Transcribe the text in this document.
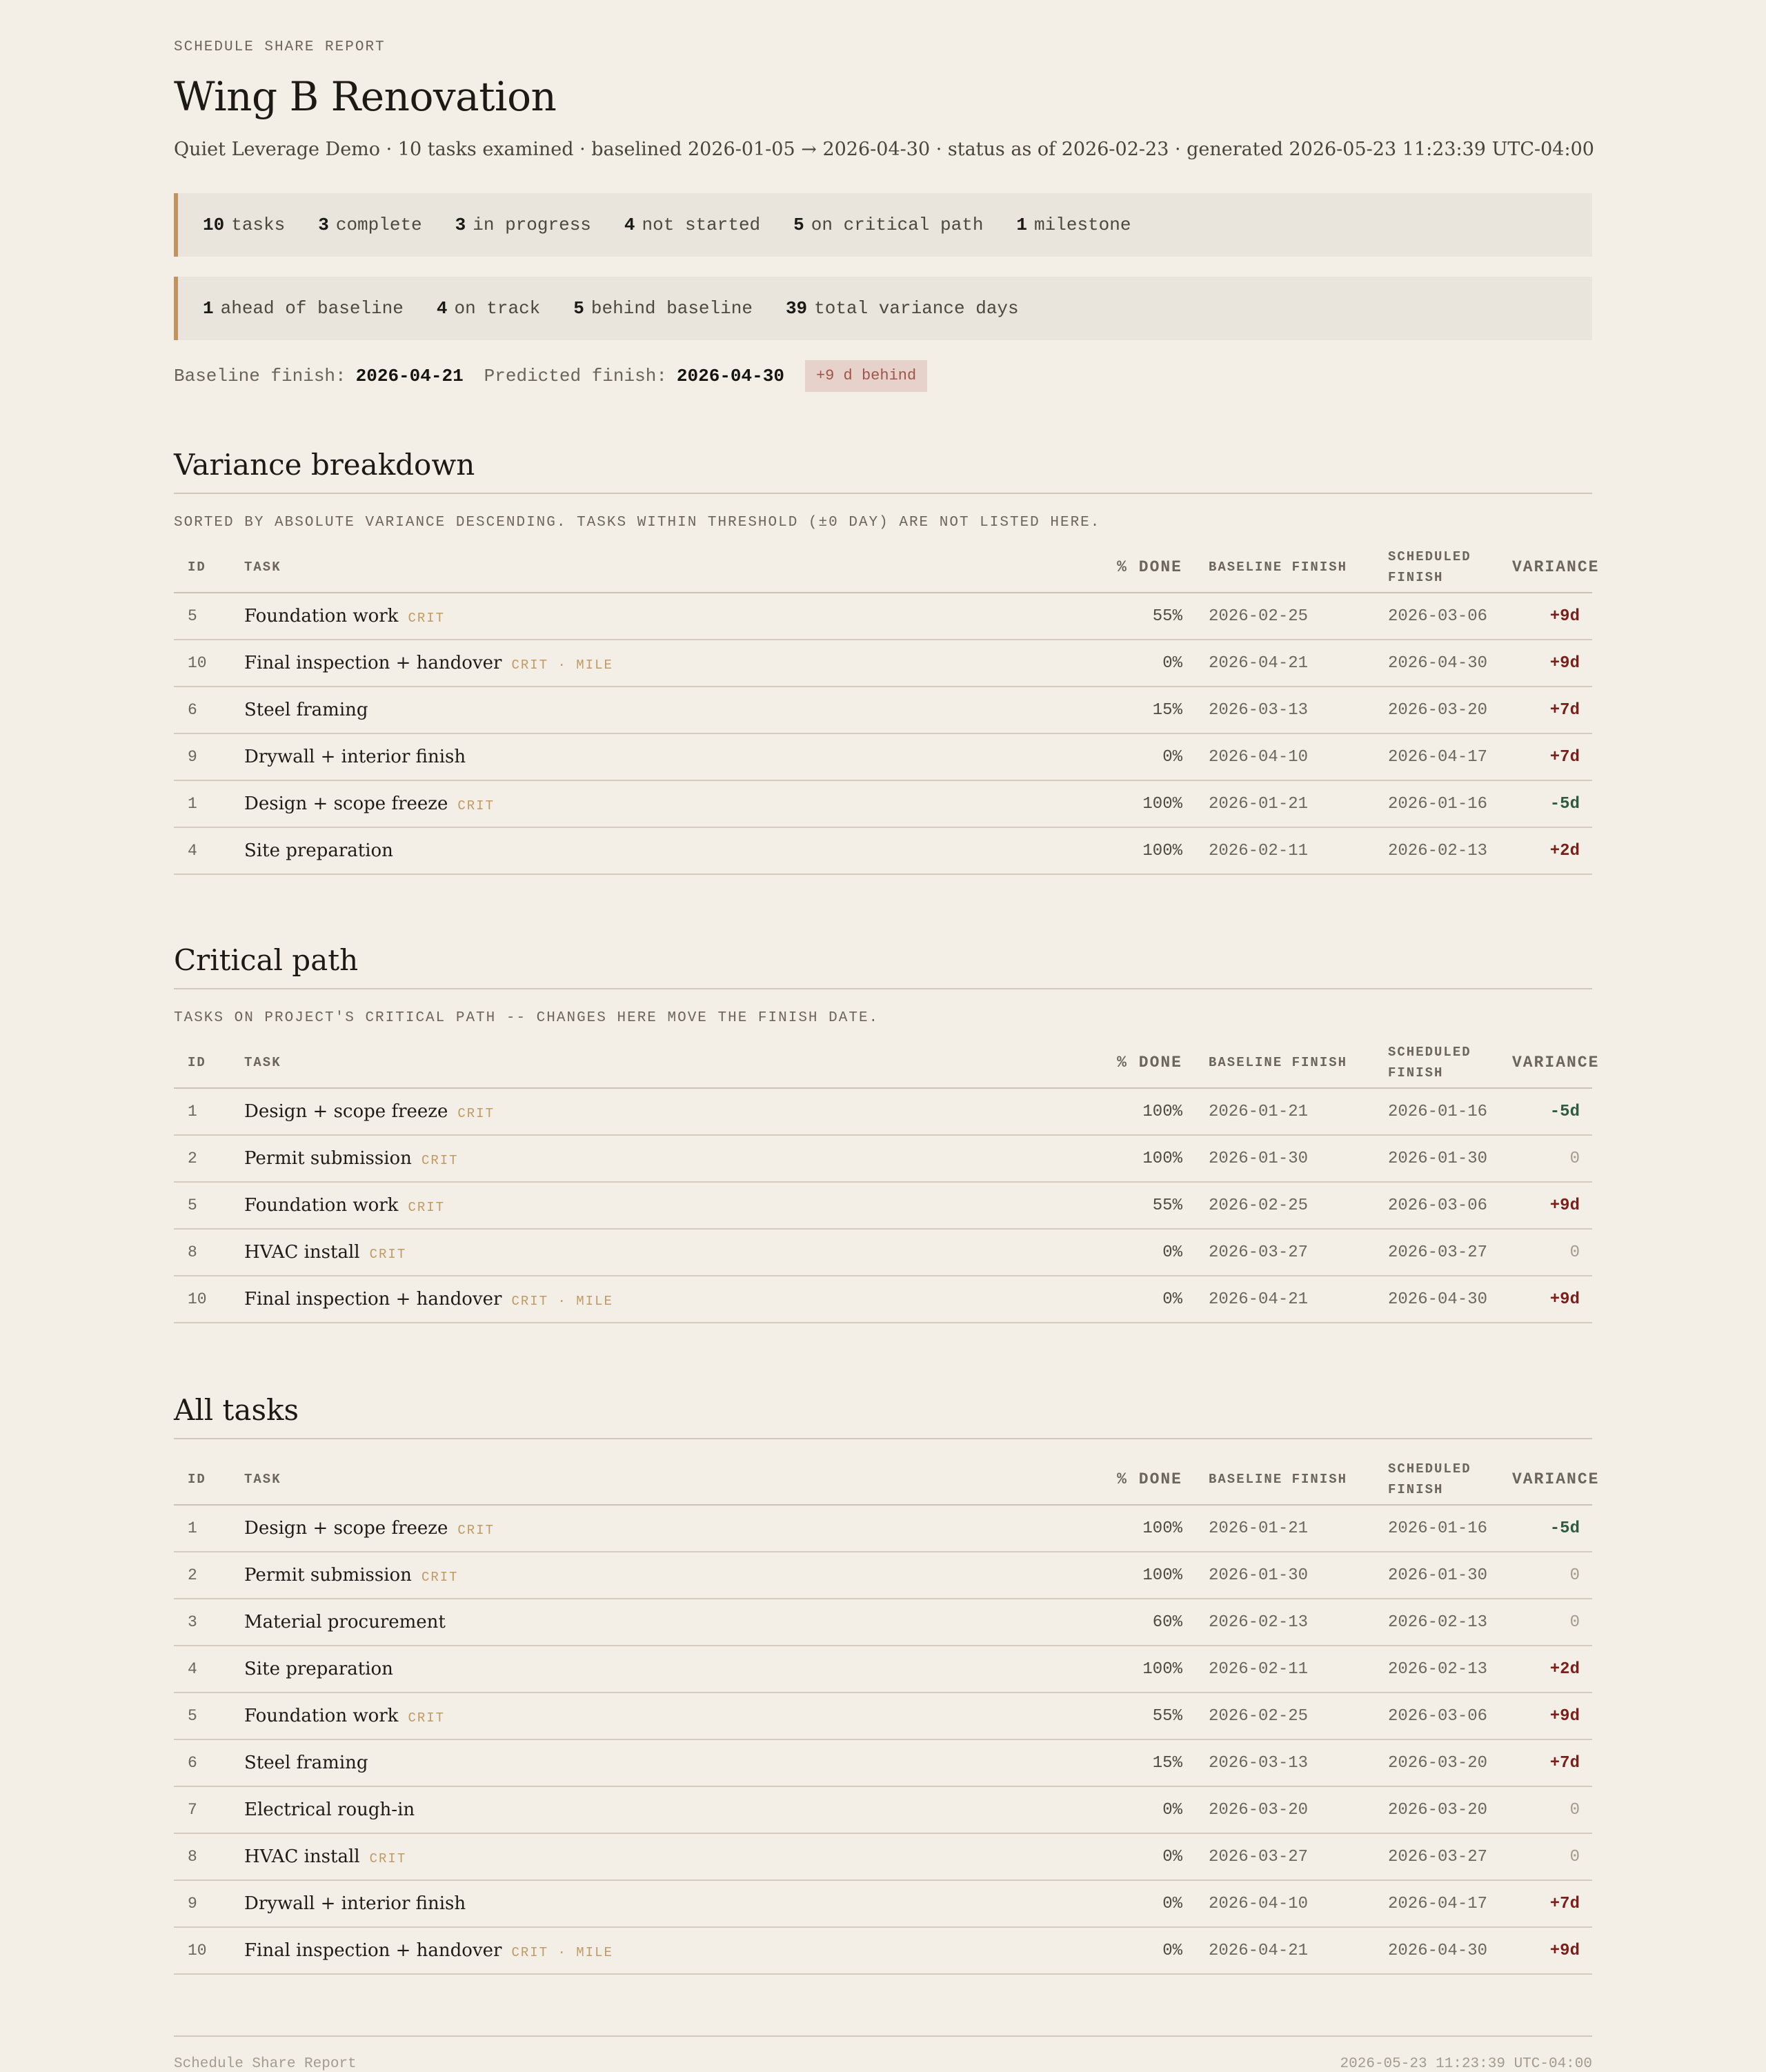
SCHEDULE SHARE REPORT
Wing B Renovation
Quiet Leverage Demo · 10 tasks examined · baselined 2026-01-05 → 2026-04-30 · status as of 2026-02-23 · generated 2026-05-23 11:23:39 UTC-04:00
10 tasks 3 complete 3 in progress 4 not started 5 on critical path 1 milestone
1 ahead of baseline 4 on track 5 behind baseline 39 total variance days
Baseline finish: 2026-04-21 Predicted finish: 2026-04-30	+9 d behind
Variance breakdown
SORTED BY ABSOLUTE VARIANCE DESCENDING. TASKS WITHIN THRESHOLD (±0 DAY) ARE NOT LISTED HERE.
ID	TASK	% DONE	BASELINE FINISH	SCHEDULED FINISH	VARIANCE
5	Foundation work CRIT	55%	2026-02-25	2026-03-06	+9d
10	Final inspection + handover CRIT · MILE	0%	2026-04-21	2026-04-30	+9d
6	Steel framing	15%	2026-03-13	2026-03-20	+7d
9	Drywall + interior finish	0%	2026-04-10	2026-04-17	+7d
1	Design + scope freeze CRIT	100%	2026-01-21	2026-01-16	-5d
4	Site preparation	100%	2026-02-11	2026-02-13	+2d
Critical path
TASKS ON PROJECT'S CRITICAL PATH -- CHANGES HERE MOVE THE FINISH DATE.
ID	TASK	% DONE	BASELINE FINISH	SCHEDULED FINISH	VARIANCE
1	Design + scope freeze CRIT	100%	2026-01-21	2026-01-16	-5d
2	Permit submission CRIT	100%	2026-01-30	2026-01-30	0
5	Foundation work CRIT	55%	2026-02-25	2026-03-06	+9d
8	HVAC install CRIT	0%	2026-03-27	2026-03-27	0
10	Final inspection + handover CRIT · MILE	0%	2026-04-21	2026-04-30	+9d
All tasks
ID	TASK	% DONE	BASELINE FINISH	SCHEDULED FINISH	VARIANCE
1	Design + scope freeze CRIT	100%	2026-01-21	2026-01-16	-5d
2	Permit submission CRIT	100%	2026-01-30	2026-01-30	0
3	Material procurement	60%	2026-02-13	2026-02-13	0
4	Site preparation	100%	2026-02-11	2026-02-13	+2d
5	Foundation work CRIT	55%	2026-02-25	2026-03-06	+9d
6	Steel framing	15%	2026-03-13	2026-03-20	+7d
7	Electrical rough-in	0%	2026-03-20	2026-03-20	0
8	HVAC install CRIT	0%	2026-03-27	2026-03-27	0
9	Drywall + interior finish	0%	2026-04-10	2026-04-17	+7d
10	Final inspection + handover CRIT · MILE	0%	2026-04-21	2026-04-30	+9d
Schedule Share Report	2026-05-23 11:23:39 UTC-04:00
